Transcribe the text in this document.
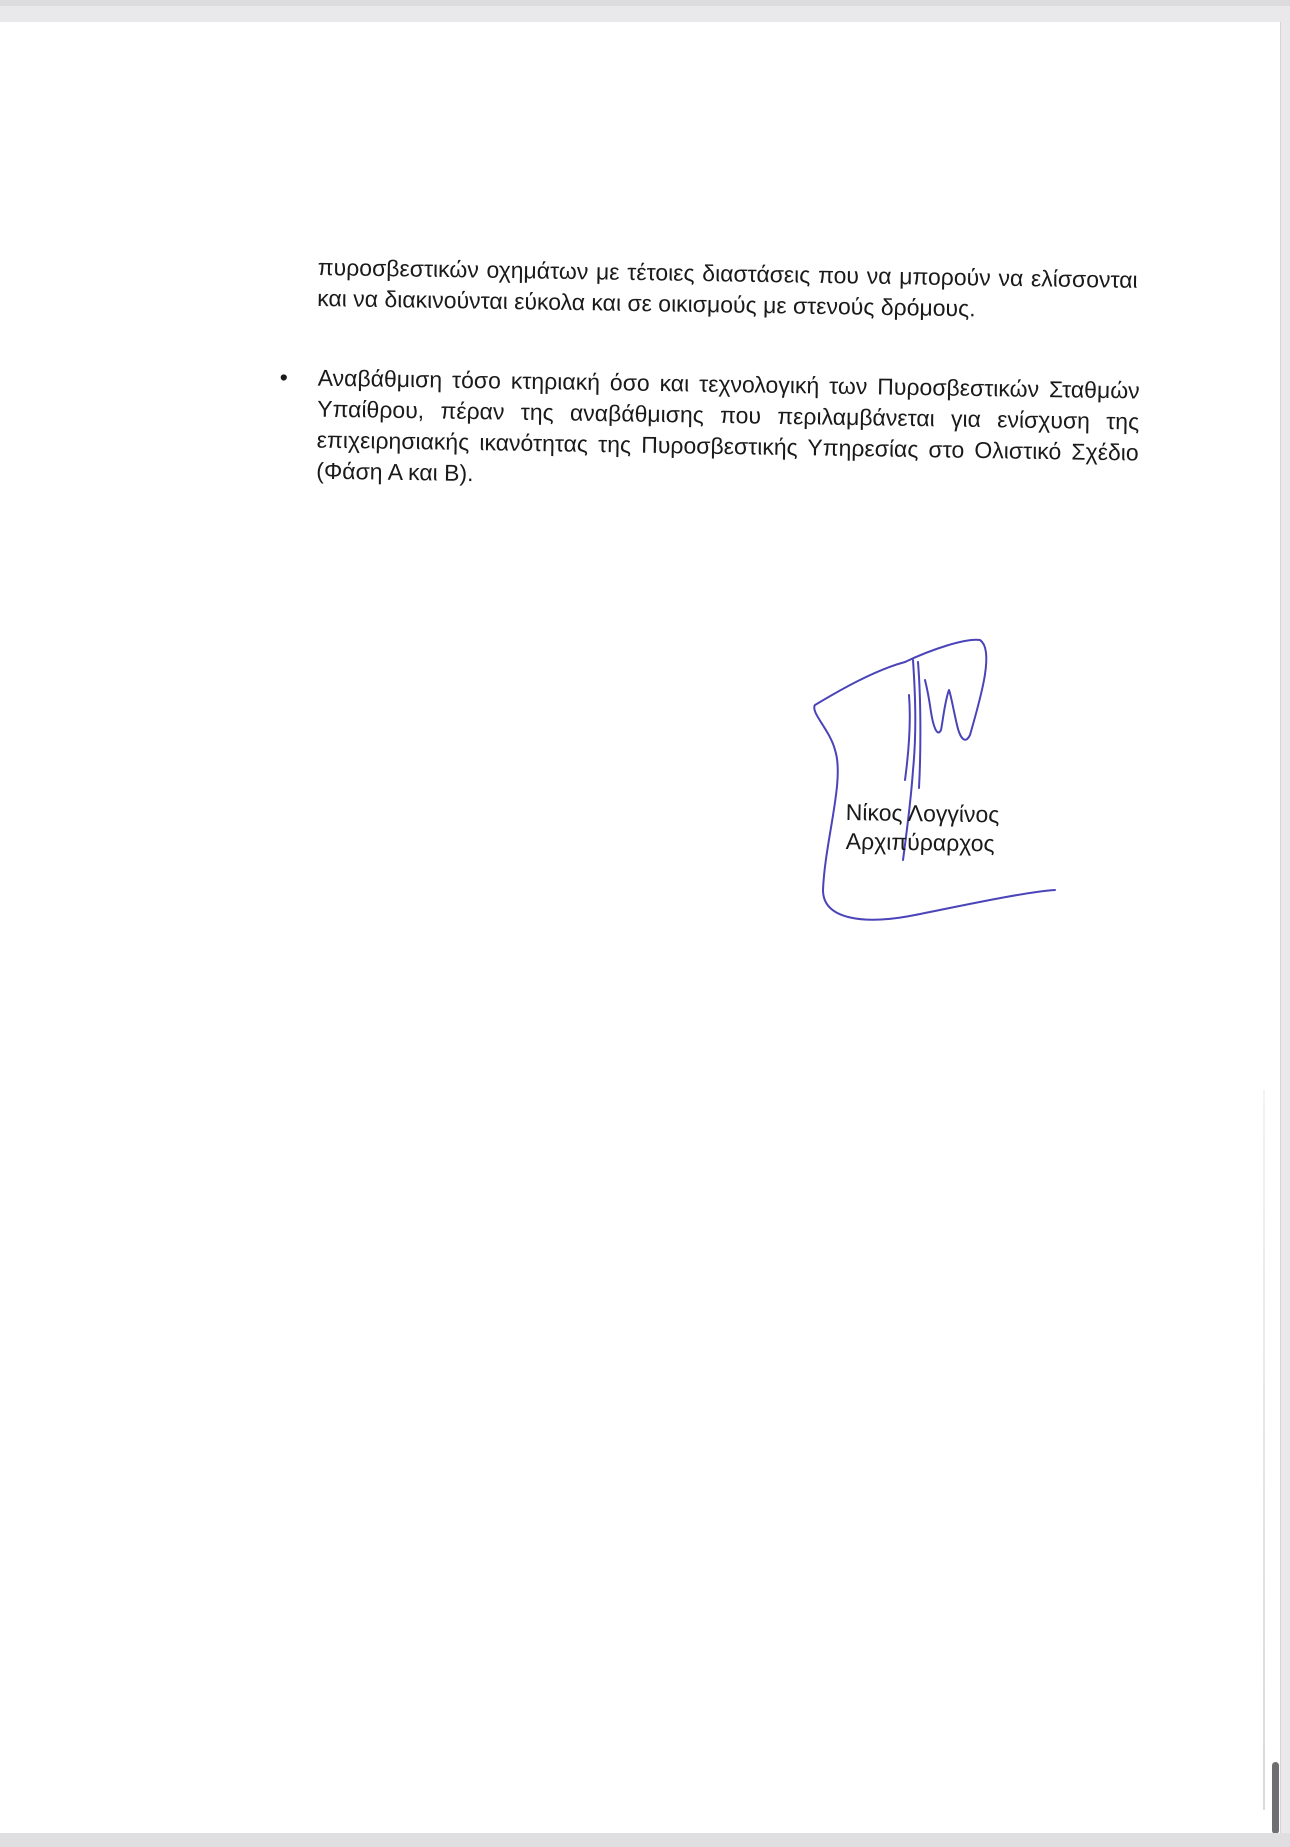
πυροσβεστικών οχημάτων με τέτοιες διαστάσεις που να μπορούν να ελίσσονται και να διακινούνται εύκολα και σε οικισμούς με στενούς δρόμους.

•	Αναβάθμιση τόσο κτηριακή όσο και τεχνολογική των Πυροσβεστικών Σταθμών Υπαίθρου, πέραν της αναβάθμισης που περιλαμβάνεται για ενίσχυση της επιχειρησιακής ικανότητας της Πυροσβεστικής Υπηρεσίας στο Ολιστικό Σχέδιο (Φάση Α και Β).

Νίκος Λογγίνος
Αρχιπύραρχος
